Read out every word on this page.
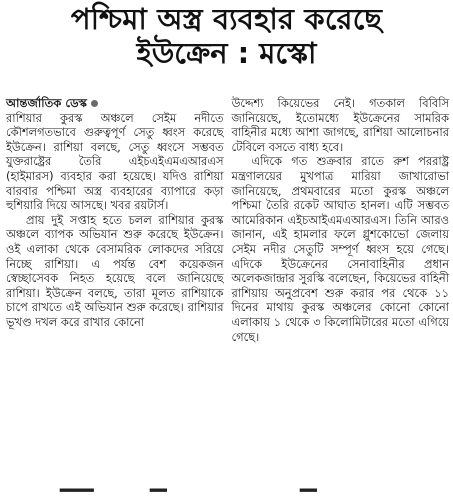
পশ্চিমা অস্ত্র ব্যবহার করেছে
ইউক্রেন : মস্কো
আন্তর্জাতিক ডেস্ক

রাশিয়ার কুরস্ক অঞ্চলে সেইম নদীতে কৌশলগতভাবে গুরুত্বপূর্ণ সেতু ধ্বংস করেছে ইউক্রেন। রাশিয়া বলছে, সেতু ধ্বংসে সম্ভবত যুক্তরাষ্ট্রের তৈরি এইচএইএমএআরএস (হাইমারস) ব্যবহার করা হয়েছে। যদিও রাশিয়া বারবার পশ্চিমা অস্ত্র ব্যবহারের ব্যাপারে কড়া হুশিয়ারি দিয়ে আসছে। খবর রয়টার্স।

প্রায় দুই সপ্তাহ হতে চলল রাশিয়ার কুরস্ক অঞ্চলে ব্যাপক অভিযান শুরু করেছে ইউক্রেন। ওই এলাকা থেকে বেসামরিক লোকদের সরিয়ে নিচ্ছে রাশিয়া। এ পর্যন্ত বেশ কয়েকজন স্বেচ্ছাসেবক নিহত হয়েছে বলে জানিয়েছে রাশিয়া। ইউক্রেন বলছে, তারা মূলত রাশিয়াকে চাপে রাখতে এই অভিযান শুরু করেছে। রাশিয়ার ভূখণ্ড দখল করে রাখার কোনো

উদ্দেশ্য কিয়েভের নেই। গতকাল বিবিসি জানিয়েছে, ইতোমধ্যে ইউক্রেনের সামরিক বাহিনীর মধ্যে আশা জাগছে, রাশিয়া আলোচনার টেবিলে বসতে বাধ্য হবে।

এদিকে গত শুক্রবার রাতে রুশ পররাষ্ট্র মন্ত্রণালয়ের মুখপাত্র মারিয়া জাখারোভা জানিয়েছে, প্রথমবারের মতো কুরস্ক অঞ্চলে পশ্চিমা তৈরি রকেট আঘাত হানল। এটি সম্ভবত আমেরিকান এইচআইএমএআরএস। তিনি আরও জানান, এই হামলার ফলে গ্লুশকোভো জেলায় সেইম নদীর সেতুটি সম্পূর্ণ ধ্বংস হয়ে গেছে। এদিকে ইউক্রেনের সেনাবাহিনীর প্রধান অলেকজান্দ্রার সুরস্কি বলেছেন, কিয়েভের বাহিনী রাশিয়ায় অনুপ্রবেশ শুরু করার পর থেকে ১১ দিনের মাথায় কুরস্ক অঞ্চলের কোনো কোনো এলাকায় ১ থেকে ৩ কিলোমিটারের মতো এগিয়ে গেছে।

▔▔	▔	▔
